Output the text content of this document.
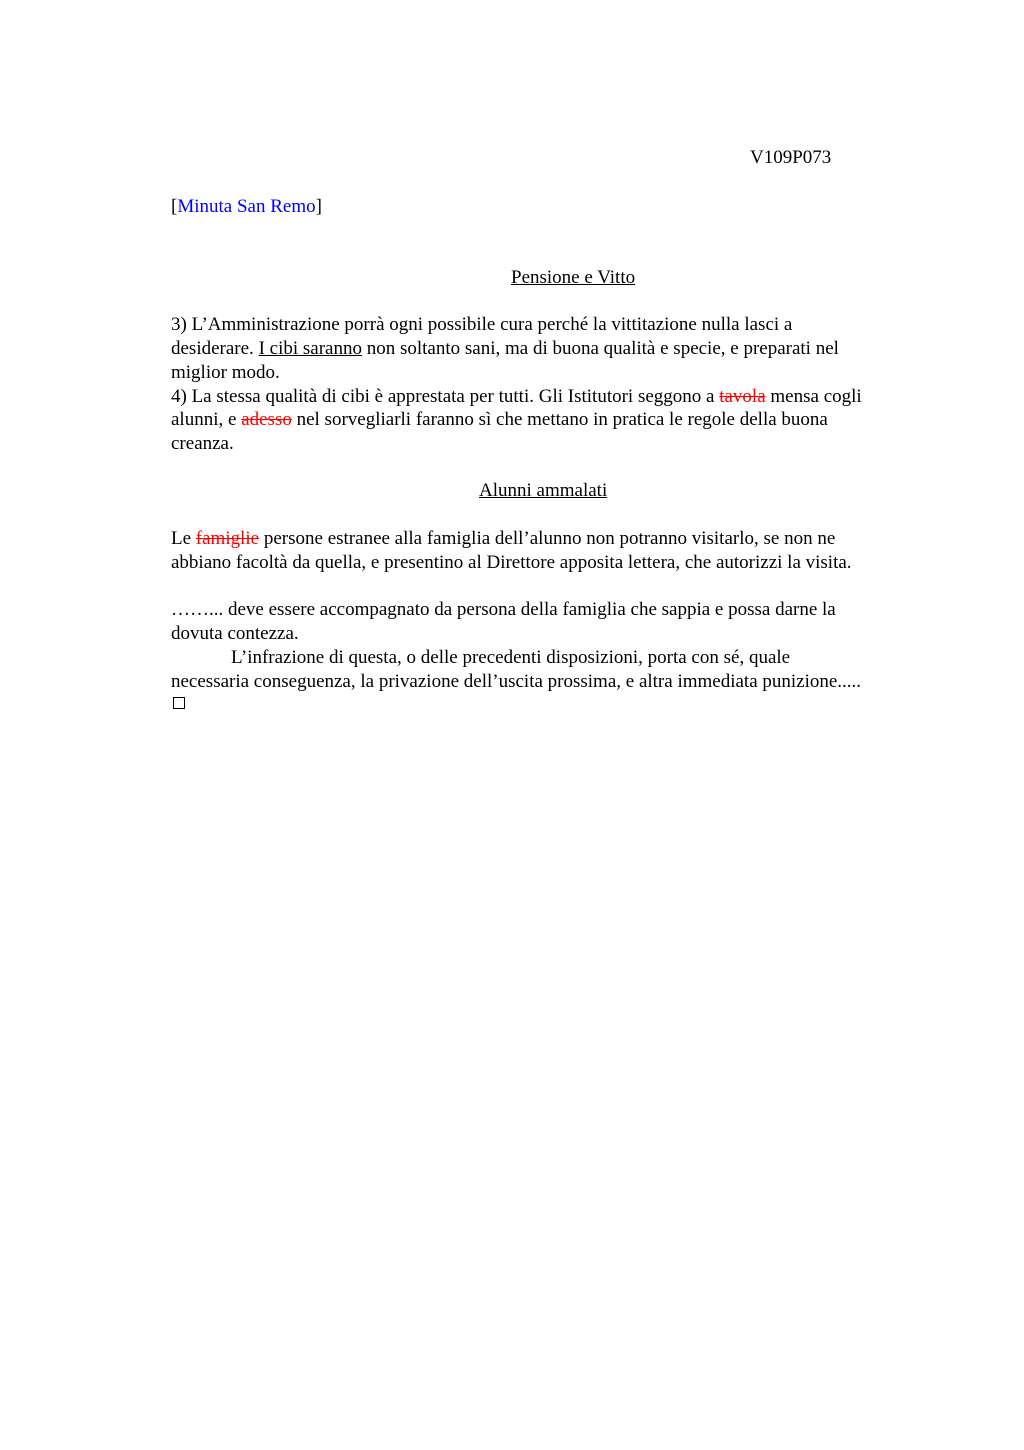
V109P073
[Minuta San Remo]
Pensione e Vitto
3) L’Amministrazione porrà ogni possibile cura perché la vittitazione nulla lasci a
desiderare. I cibi saranno non soltanto sani, ma di buona qualità e specie, e preparati nel
miglior modo.
4) La stessa qualità di cibi è apprestata per tutti. Gli Istitutori seggono a tavola mensa cogli
alunni, e adesso nel sorvegliarli faranno sì che mettano in pratica le regole della buona
creanza.
Alunni ammalati
Le famiglie persone estranee alla famiglia dell’alunno non potranno visitarlo, se non ne
abbiano facoltà da quella, e presentino al Direttore apposita lettera, che autorizzi la visita.
……... deve essere accompagnato da persona della famiglia che sappia e possa darne la
dovuta contezza.
L’infrazione di questa, o delle precedenti disposizioni, porta con sé, quale
necessaria conseguenza, la privazione dell’uscita prossima, e altra immediata punizione.....
